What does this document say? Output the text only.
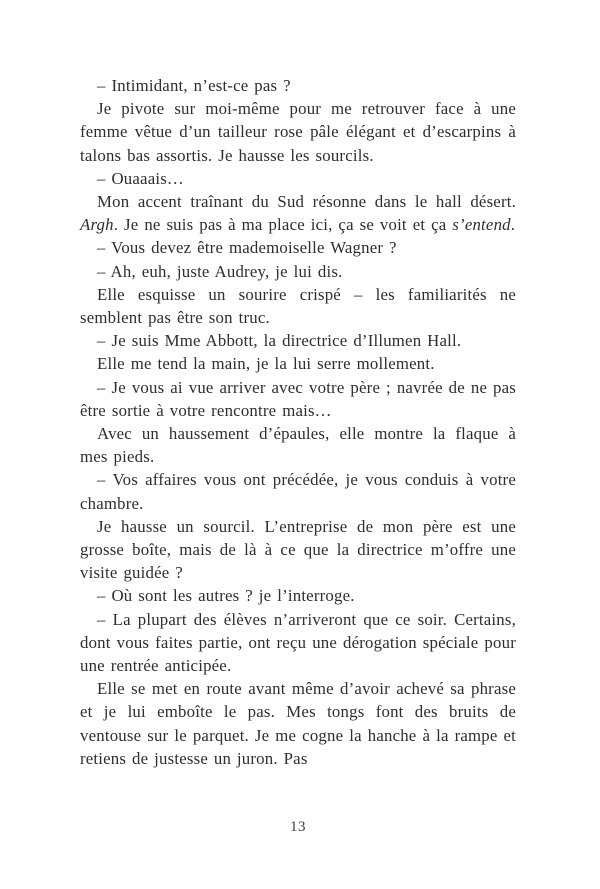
– Intimidant, n’est-ce pas ?

Je pivote sur moi-même pour me retrouver face à une femme vêtue d’un tailleur rose pâle élégant et d’escarpins à talons bas assortis. Je hausse les sourcils.

– Ouaaais…

Mon accent traînant du Sud résonne dans le hall désert. Argh. Je ne suis pas à ma place ici, ça se voit et ça s’entend.

– Vous devez être mademoiselle Wagner ?

– Ah, euh, juste Audrey, je lui dis.

Elle esquisse un sourire crispé – les familiarités ne semblent pas être son truc.

– Je suis Mme Abbott, la directrice d’Illumen Hall.

Elle me tend la main, je la lui serre mollement.

– Je vous ai vue arriver avec votre père ; navrée de ne pas être sortie à votre rencontre mais…

Avec un haussement d’épaules, elle montre la flaque à mes pieds.

– Vos affaires vous ont précédée, je vous conduis à votre chambre.

Je hausse un sourcil. L’entreprise de mon père est une grosse boîte, mais de là à ce que la directrice m’offre une visite guidée ?

– Où sont les autres ? je l’interroge.

– La plupart des élèves n’arriveront que ce soir. Certains, dont vous faites partie, ont reçu une dérogation spéciale pour une rentrée anticipée.

Elle se met en route avant même d’avoir achevé sa phrase et je lui emboîte le pas. Mes tongs font des bruits de ventouse sur le parquet. Je me cogne la hanche à la rampe et retiens de justesse un juron. Pas

13
